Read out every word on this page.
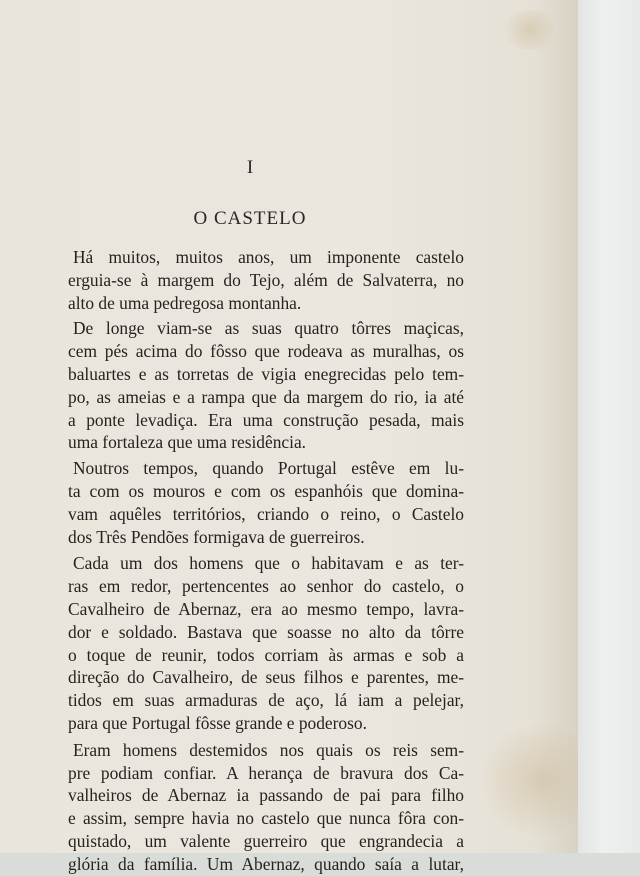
I
O CASTELO
Há muitos, muitos anos, um imponente castelo
erguia-se à margem do Tejo, além de Salvaterra, no
alto de uma pedregosa montanha.
De longe viam-se as suas quatro tôrres maçicas,
cem pés acima do fôsso que rodeava as muralhas, os
baluartes e as torretas de vigia enegrecidas pelo tem-
po, as ameias e a rampa que da margem do rio, ia até
a ponte levadiça. Era uma construção pesada, mais
uma fortaleza que uma residência.
Noutros tempos, quando Portugal estêve em lu-
ta com os mouros e com os espanhóis que domina-
vam aquêles territórios, criando o reino, o Castelo
dos Três Pendões formigava de guerreiros.
Cada um dos homens que o habitavam e as ter-
ras em redor, pertencentes ao senhor do castelo, o
Cavalheiro de Abernaz, era ao mesmo tempo, lavra-
dor e soldado. Bastava que soasse no alto da tôrre
o toque de reunir, todos corriam às armas e sob a
direção do Cavalheiro, de seus filhos e parentes, me-
tidos em suas armaduras de aço, lá iam a pelejar,
para que Portugal fôsse grande e poderoso.
Eram homens destemidos nos quais os reis sem-
pre podiam confiar. A herança de bravura dos Ca-
valheiros de Abernaz ia passando de pai para filho
e assim, sempre havia no castelo que nunca fôra con-
quistado, um valente guerreiro que engrandecia a
glória da família. Um Abernaz, quando saía a lutar,
